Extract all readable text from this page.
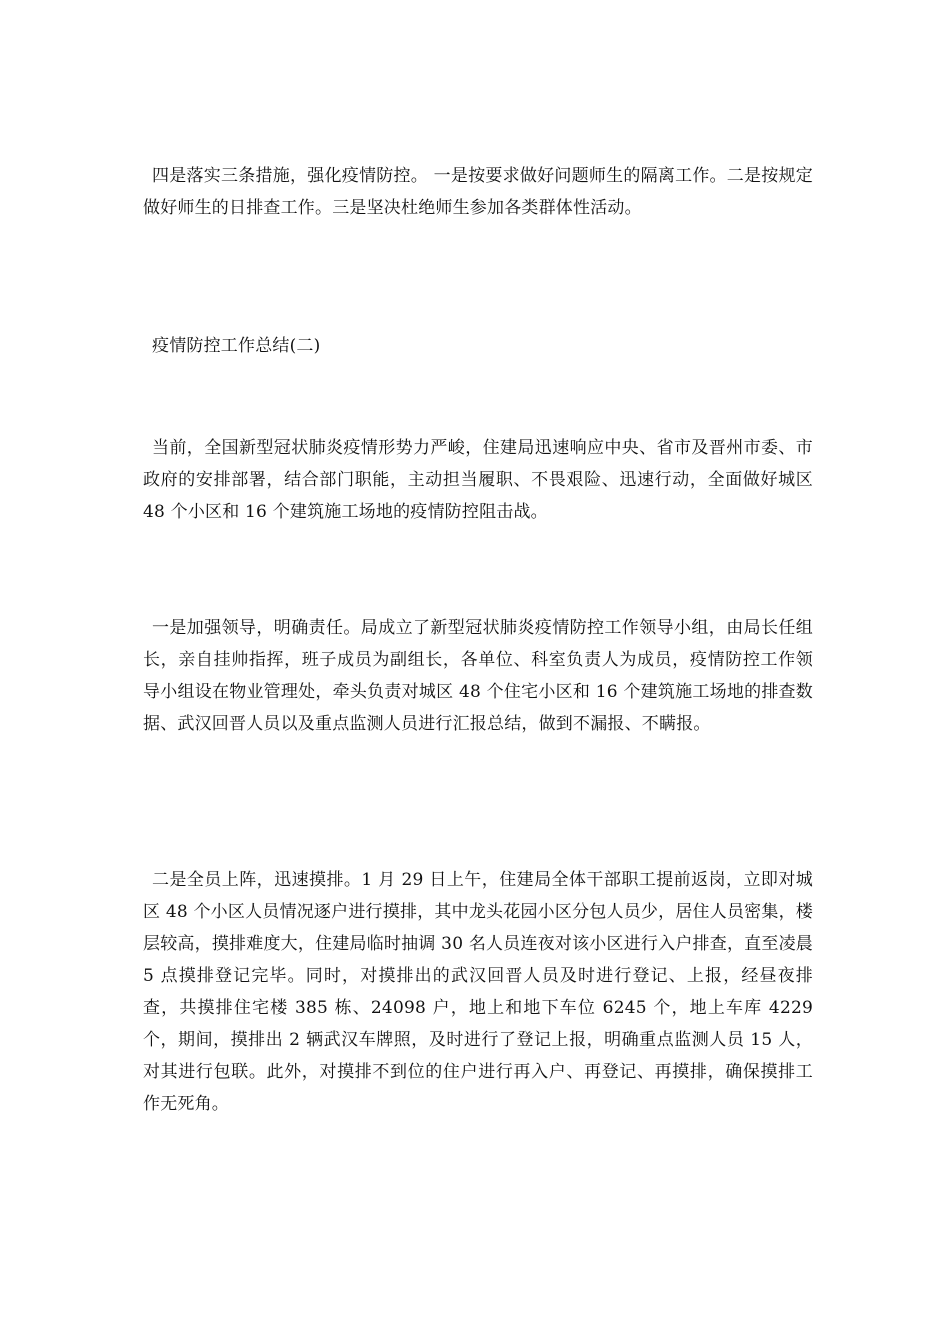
四是落实三条措施，强化疫情防控。 一是按要求做好问题师生的隔离工作。二是按规定做好师生的日排查工作。三是坚决杜绝师生参加各类群体性活动。

疫情防控工作总结(二)

当前，全国新型冠状肺炎疫情形势力严峻，住建局迅速响应中央、省市及晋州市委、市政府的安排部署，结合部门职能，主动担当履职、不畏艰险、迅速行动，全面做好城区 48 个小区和 16 个建筑施工场地的疫情防控阻击战。

一是加强领导，明确责任。局成立了新型冠状肺炎疫情防控工作领导小组，由局长任组长，亲自挂帅指挥，班子成员为副组长，各单位、科室负责人为成员，疫情防控工作领导小组设在物业管理处，牵头负责对城区 48 个住宅小区和 16 个建筑施工场地的排查数据、武汉回晋人员以及重点监测人员进行汇报总结，做到不漏报、不瞒报。

二是全员上阵，迅速摸排。1 月 29 日上午，住建局全体干部职工提前返岗，立即对城区 48 个小区人员情况逐户进行摸排，其中龙头花园小区分包人员少，居住人员密集，楼层较高，摸排难度大，住建局临时抽调 30 名人员连夜对该小区进行入户排查，直至凌晨 5 点摸排登记完毕。同时，对摸排出的武汉回晋人员及时进行登记、上报，经昼夜排查，共摸排住宅楼 385 栋、24098 户，地上和地下车位 6245 个，地上车库 4229 个，期间，摸排出 2 辆武汉车牌照，及时进行了登记上报，明确重点监测人员 15 人，对其进行包联。此外，对摸排不到位的住户进行再入户、再登记、再摸排，确保摸排工作无死角。
